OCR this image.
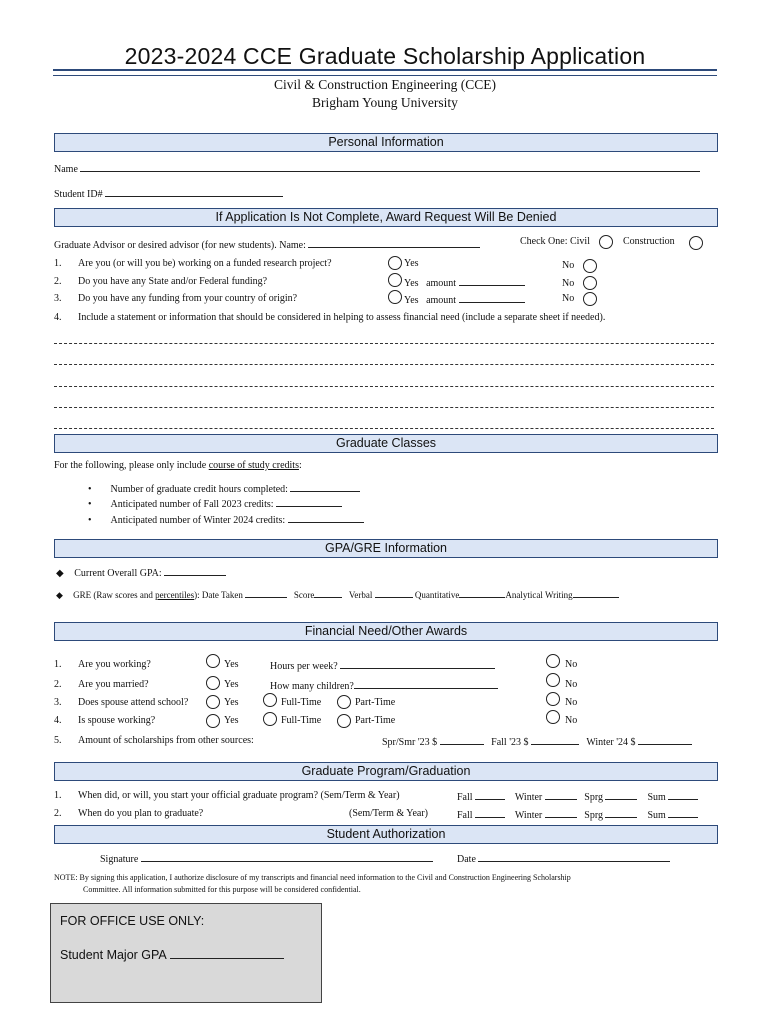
2023-2024 CCE Graduate Scholarship Application
Civil & Construction Engineering (CCE)
Brigham Young University
Personal Information
Name
Student ID#
If Application Is Not Complete, Award Request Will Be Denied
Graduate Advisor or desired advisor (for new students). Name:	Check One: Civil	Construction
1. Are you (or will you be) working on a funded research project?	Yes	No
2. Do you have any State and/or Federal funding?	Yes amount	No
3. Do you have any funding from your country of origin?	Yes amount	No
4. Include a statement or information that should be considered in helping to assess financial need (include a separate sheet if needed).
Graduate Classes
For the following, please only include course of study credits:
• Number of graduate credit hours completed:
• Anticipated number of Fall 2023 credits:
• Anticipated number of Winter 2024 credits:
GPA/GRE Information
◆ Current Overall GPA:
◆ GRE (Raw scores and percentiles): Date Taken	Score	Verbal	Quantitative	Analytical Writing
Financial Need/Other Awards
1. Are you working?	Yes	Hours per week?	No
2. Are you married?	Yes	How many children?	No
3. Does spouse attend school?	Yes	Full-Time	Part-Time	No
4. Is spouse working?	Yes	Full-Time	Part-Time	No
5. Amount of scholarships from other sources:	Spr/Smr '23 $	Fall '23 $	Winter '24 $
Graduate Program/Graduation
1. When did, or will, you start your official graduate program? (Sem/Term & Year)	Fall	Winter	Sprg	Sum
2. When do you plan to graduate?	(Sem/Term & Year)	Fall	Winter	Sprg	Sum
Student Authorization
Signature	Date
NOTE: By signing this application, I authorize disclosure of my transcripts and financial need information to the Civil and Construction Engineering Scholarship
Committee. All information submitted for this purpose will be considered confidential.
FOR OFFICE USE ONLY:
Student Major GPA
